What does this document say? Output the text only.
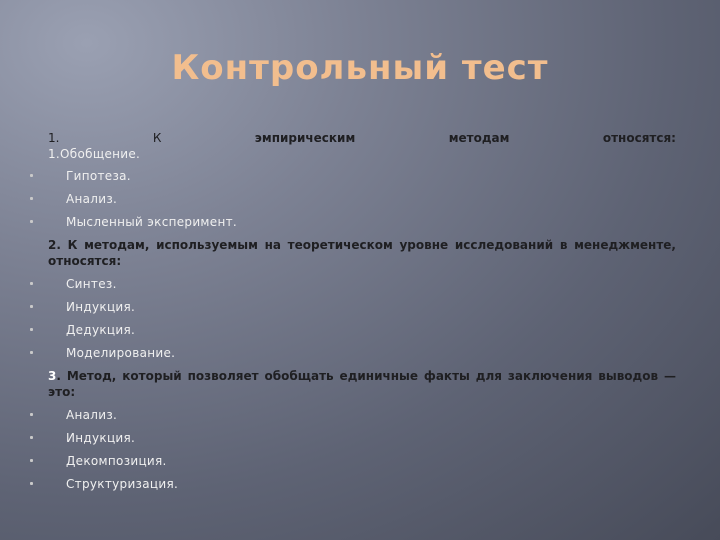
Контрольный тест
1.	К	эмпирическим	методам	относятся:

1.Обобщение.

Гипотеза.
Анализ.
Мысленный эксперимент.

2. К методам, используемым на теоретическом уровне исследований в менеджменте, относятся:

Синтез.
Индукция.
Дедукция.
Моделирование.

3. Метод, который позволяет обобщать единичные факты для заключения выводов — это:

Анализ.
Индукция.
Декомпозиция.
Структуризация.
